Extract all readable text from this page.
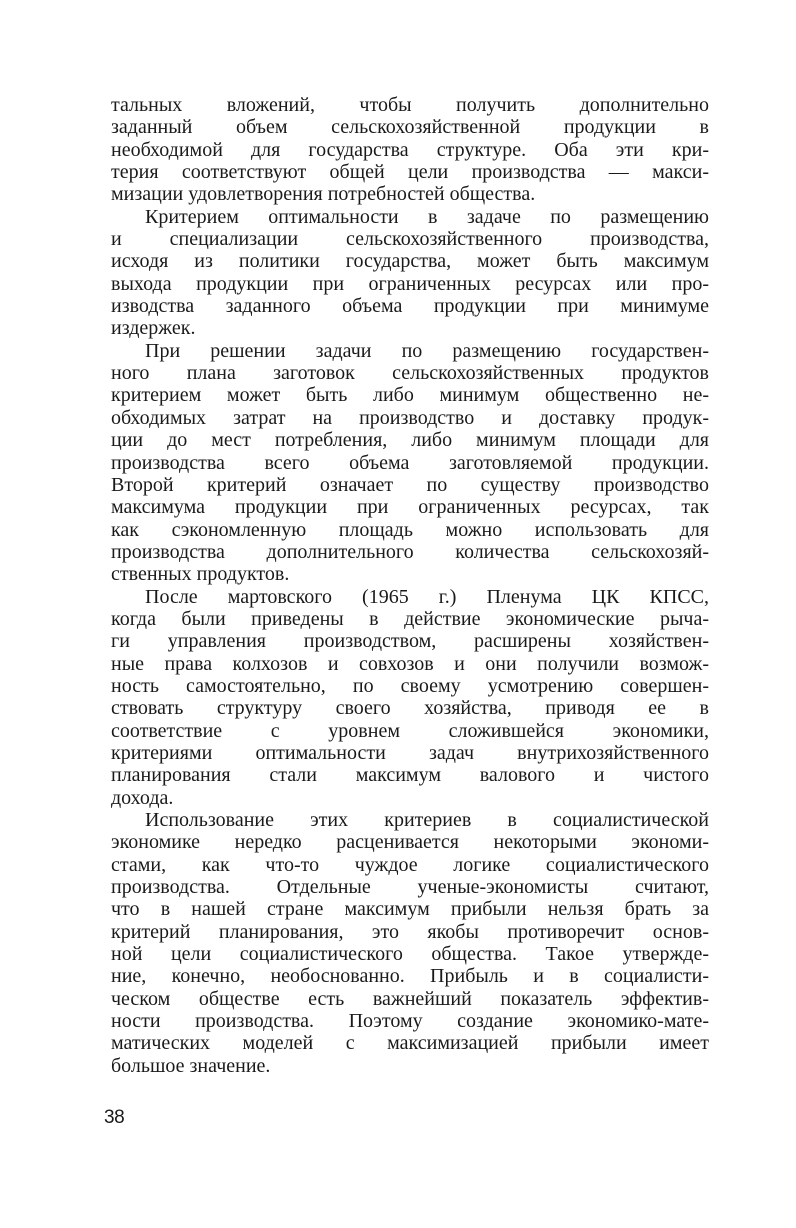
тальных вложений, чтобы получить дополнительно
заданный объем сельскохозяйственной продукции в
необходимой для государства структуре. Оба эти кри-
терия соответствуют общей цели производства — макси-
мизации удовлетворения потребностей общества.
Критерием оптимальности в задаче по размещению
и специализации сельскохозяйственного производства,
исходя из политики государства, может быть максимум
выхода продукции при ограниченных ресурсах или про-
изводства заданного объема продукции при минимуме
издержек.
При решении задачи по размещению государствен-
ного плана заготовок сельскохозяйственных продуктов
критерием может быть либо минимум общественно не-
обходимых затрат на производство и доставку продук-
ции до мест потребления, либо минимум площади для
производства всего объема заготовляемой продукции.
Второй критерий означает по существу производство
максимума продукции при ограниченных ресурсах, так
как сэкономленную площадь можно использовать для
производства дополнительного количества сельскохозяй-
ственных продуктов.
После мартовского (1965 г.) Пленума ЦК КПСС,
когда были приведены в действие экономические рыча-
ги управления производством, расширены хозяйствен-
ные права колхозов и совхозов и они получили возмож-
ность самостоятельно, по своему усмотрению совершен-
ствовать структуру своего хозяйства, приводя ее в
соответствие с уровнем сложившейся экономики,
критериями оптимальности задач внутрихозяйственного
планирования стали максимум валового и чистого
дохода.
Использование этих критериев в социалистической
экономике нередко расценивается некоторыми экономи-
стами, как что-то чуждое логике социалистического
производства. Отдельные ученые-экономисты считают,
что в нашей стране максимум прибыли нельзя брать за
критерий планирования, это якобы противоречит основ-
ной цели социалистического общества. Такое утвержде-
ние, конечно, необоснованно. Прибыль и в социалисти-
ческом обществе есть важнейший показатель эффектив-
ности производства. Поэтому создание экономико-мате-
матических моделей с максимизацией прибыли имеет
большое значение.
38
